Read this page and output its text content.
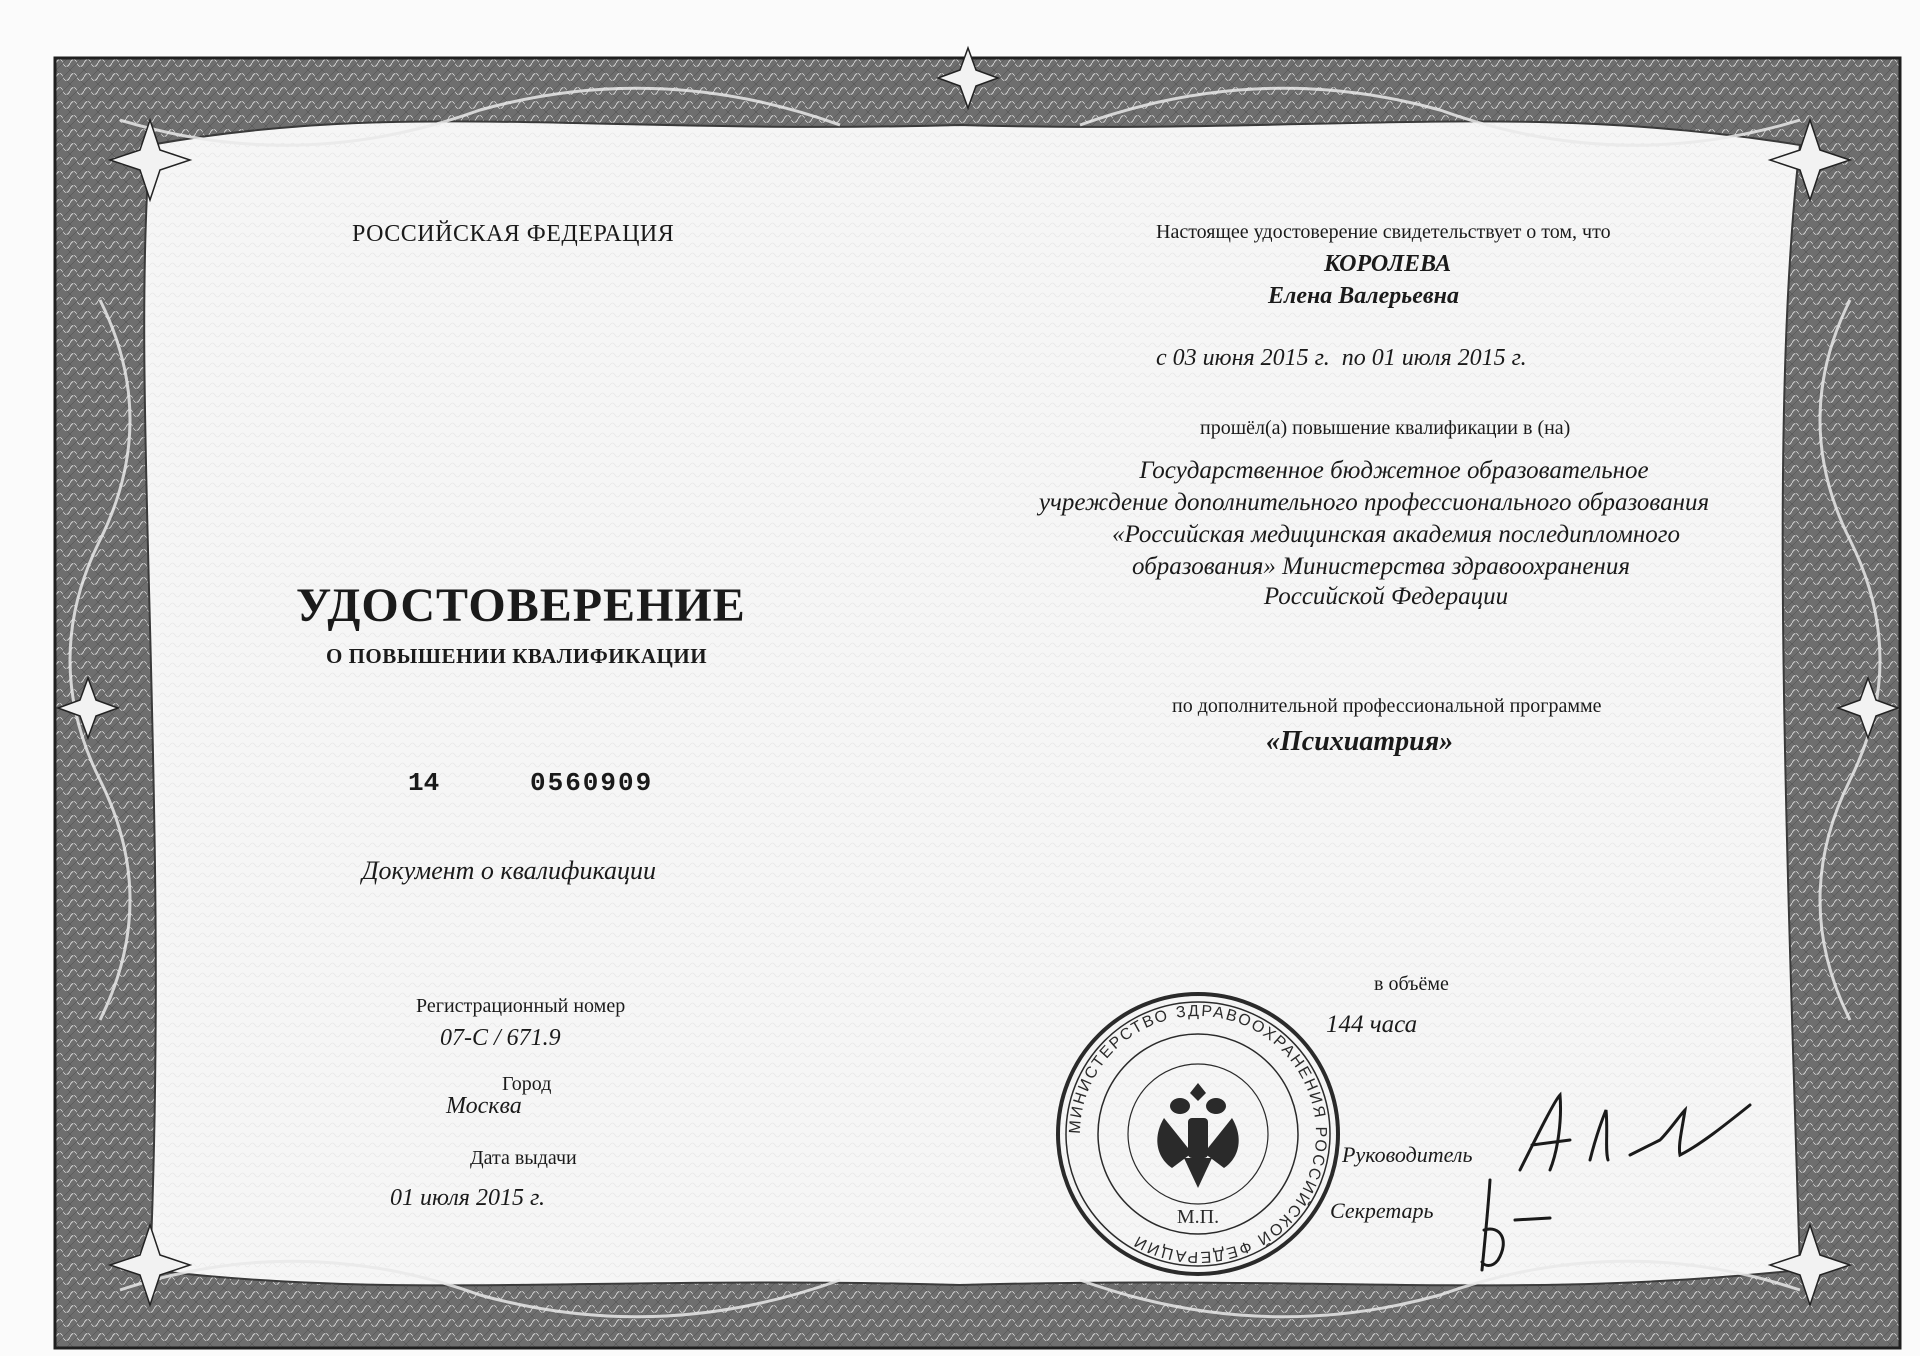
РОССИЙСКАЯ ФЕДЕРАЦИЯ
УДОСТОВЕРЕНИЕ
О ПОВЫШЕНИИ КВАЛИФИКАЦИИ
14	0560909
Документ о квалификации
Регистрационный номер
07-С / 671.9
Город
Москва
Дата выдачи
01 июля 2015 г.
Настоящее удостоверение свидетельствует о том, что
КОРОЛЕВА
Елена Валерьевна
с 03 июня 2015 г. по 01 июля 2015 г.
прошёл(а) повышение квалификации в (на)
Государственное бюджетное образовательное
учреждение дополнительного профессионального образования
«Российская медицинская академия последипломного
образования» Министерства здравоохранения
Российской Федерации
по дополнительной профессиональной программе
«Психиатрия»
в объёме
144 часа
Руководитель
Секретарь
МИНИСТЕРСТВО ЗДРАВООХРАНЕНИЯ РОССИЙСКОЙ ФЕДЕРАЦИИ
М.П.
